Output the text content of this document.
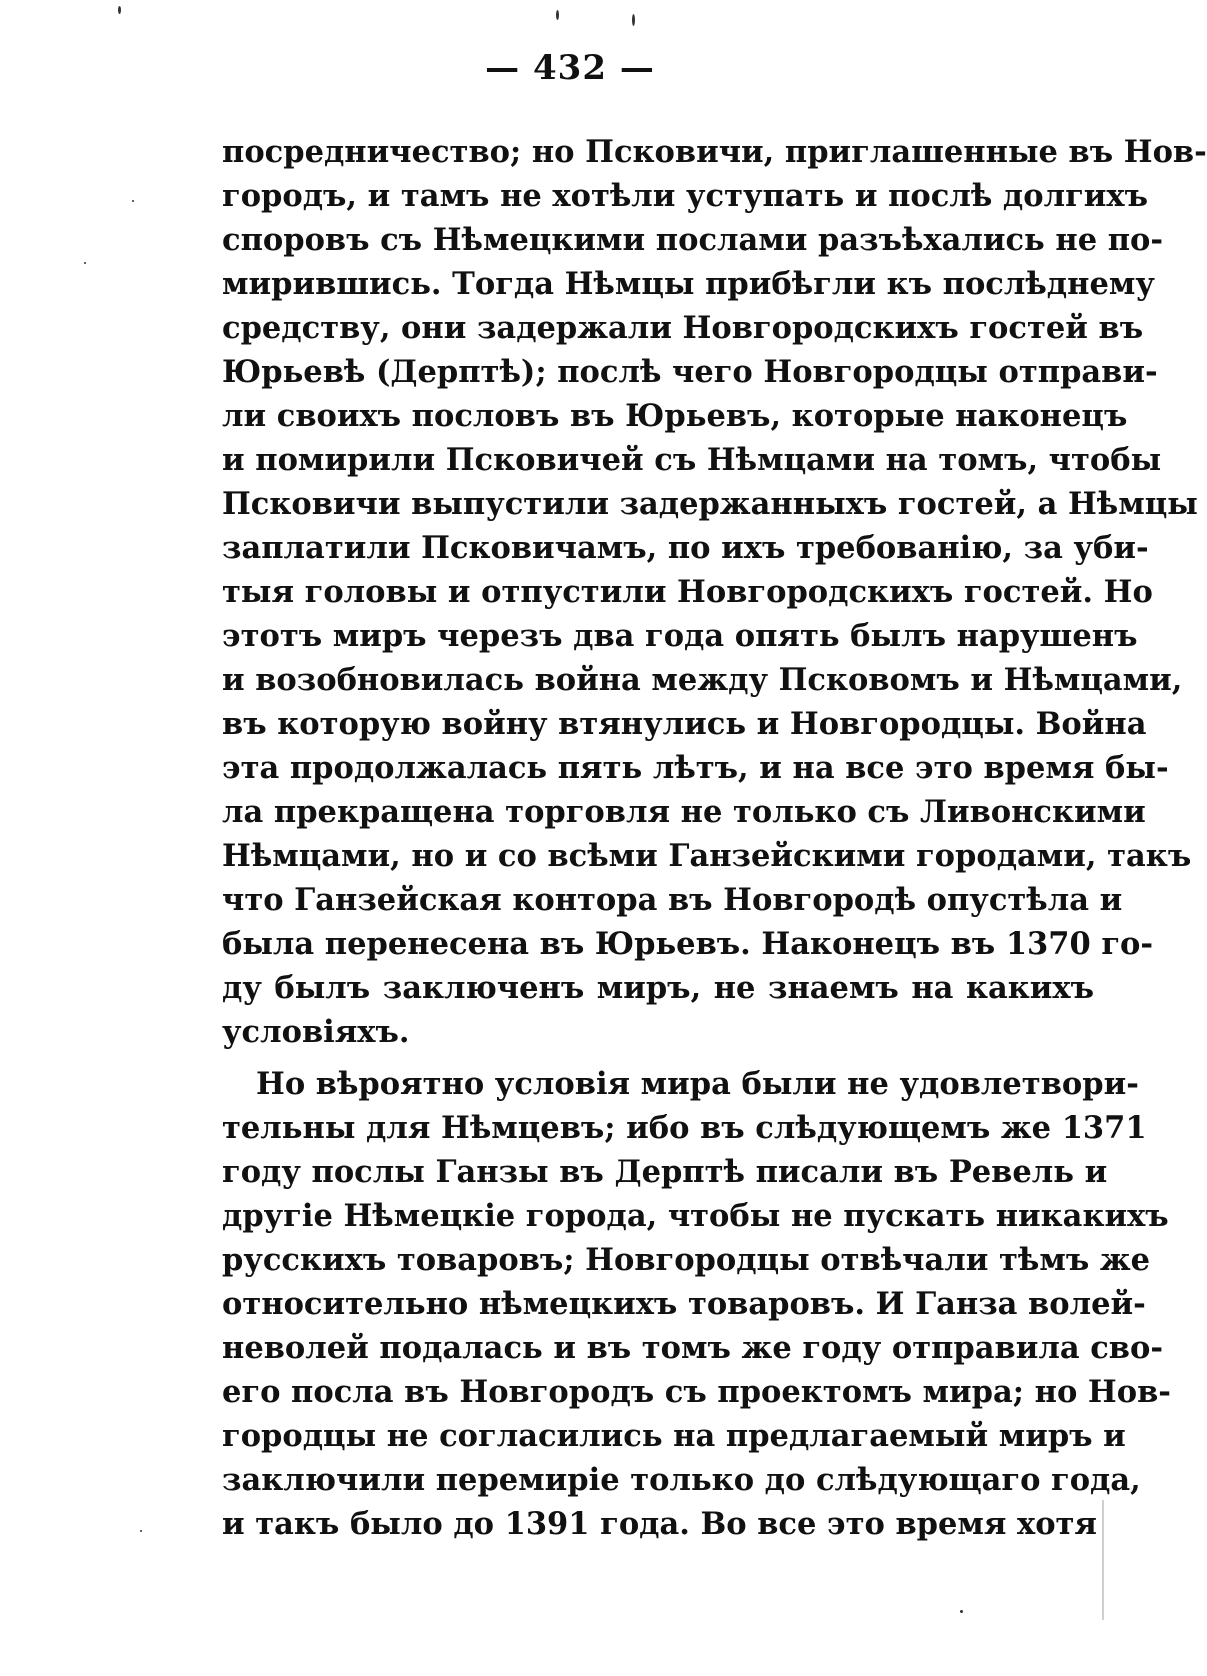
— 432 —
посредничество; но Псковичи, приглашенные въ Нов-
городъ, и тамъ не хотѣли уступать и послѣ долгихъ
споровъ съ Нѣмецкими послами разъѣхались не по-
мирившись. Тогда Нѣмцы прибѣгли къ послѣднему
средству, они задержали Новгородскихъ гостей въ
Юрьевѣ (Дерптѣ); послѣ чего Новгородцы отправи-
ли своихъ пословъ въ Юрьевъ, которые наконецъ
и помирили Псковичей съ Нѣмцами на томъ, чтобы
Псковичи выпустили задержанныхъ гостей, а Нѣмцы
заплатили Псковичамъ, по ихъ требованію, за уби-
тыя головы и отпустили Новгородскихъ гостей. Но
этотъ миръ черезъ два года опять былъ нарушенъ
и возобновилась война между Псковомъ и Нѣмцами,
въ которую войну втянулись и Новгородцы. Война
эта продолжалась пять лѣтъ, и на все это время бы-
ла прекращена торговля не только съ Ливонскими
Нѣмцами, но и со всѣми Ганзейскими городами, такъ
что Ганзейская контора въ Новгородѣ опустѣла и
была перенесена въ Юрьевъ. Наконецъ въ 1370 го-
ду былъ заключенъ миръ, не знаемъ на какихъ
условіяхъ.
Но вѣроятно условія мира были не удовлетвори-
тельны для Нѣмцевъ; ибо въ слѣдующемъ же 1371
году послы Ганзы въ Дерптѣ писали въ Ревель и
другіе Нѣмецкіе города, чтобы не пускать никакихъ
русскихъ товаровъ; Новгородцы отвѣчали тѣмъ же
относительно нѣмецкихъ товаровъ. И Ганза волей-
неволей подалась и въ томъ же году отправила сво-
его посла въ Новгородъ съ проектомъ мира; но Нов-
городцы не согласились на предлагаемый миръ и
заключили перемиріе только до слѣдующаго года,
и такъ было до 1391 года. Во все это время хотя
